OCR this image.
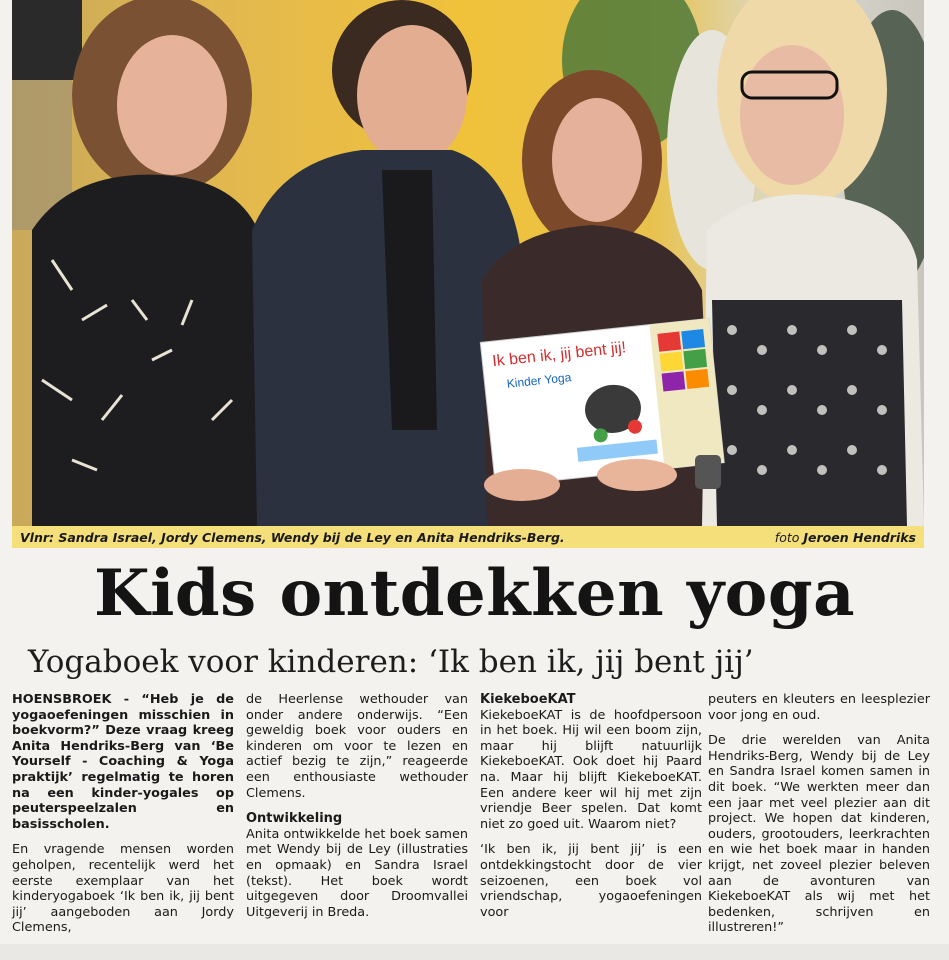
Ik ben ik, jij bent jij!
Kinder Yoga
Vlnr: Sandra Israel, Jordy Clemens, Wendy bij de Ley en Anita Hendriks-Berg.	foto Jeroen Hendriks
Kids ontdekken yoga
Yogaboek voor kinderen: ‘Ik ben ik, jij bent jij’

HOENSBROEK - “Heb je de yogaoefeningen misschien in boekvorm?” Deze vraag kreeg Anita Hendriks-Berg van ‘Be Yourself - Coaching & Yoga praktijk’ regelmatig te horen na een kinder-yogales op peuterspeelzalen en basisscholen.

En vragende mensen worden geholpen, recentelijk werd het eerste exemplaar van het kinderyogaboek ‘Ik ben ik, jij bent jij’ aangeboden aan Jordy Clemens,

de Heerlense wethouder van onder andere onderwijs. “Een geweldig boek voor ouders en kinderen om voor te lezen en actief bezig te zijn,” reageerde een enthousiaste wethouder Clemens.

Ontwikkeling

Anita ontwikkelde het boek samen met Wendy bij de Ley (illustraties en opmaak) en Sandra Israel (tekst). Het boek wordt uitgegeven door Droomvallei Uitgeverij in Breda.

KiekeboeKAT

KiekeboeKAT is de hoofdpersoon in het boek. Hij wil een boom zijn, maar hij blijft natuurlijk KiekeboeKAT. Ook doet hij Paard na. Maar hij blijft KiekeboeKAT. Een andere keer wil hij met zijn vriendje Beer spelen. Dat komt niet zo goed uit. Waarom niet?

‘Ik ben ik, jij bent jij’ is een ontdekkingstocht door de vier seizoenen, een boek vol vriendschap, yogaoefeningen voor

peuters en kleuters en leesplezier voor jong en oud.

De drie werelden van Anita Hendriks-Berg, Wendy bij de Ley en Sandra Israel komen samen in dit boek. “We werkten meer dan een jaar met veel plezier aan dit project. We hopen dat kinderen, ouders, grootouders, leerkrachten en wie het boek maar in handen krijgt, net zoveel plezier beleven aan de avonturen van KiekeboeKAT als wij met het bedenken, schrijven en illustreren!”
